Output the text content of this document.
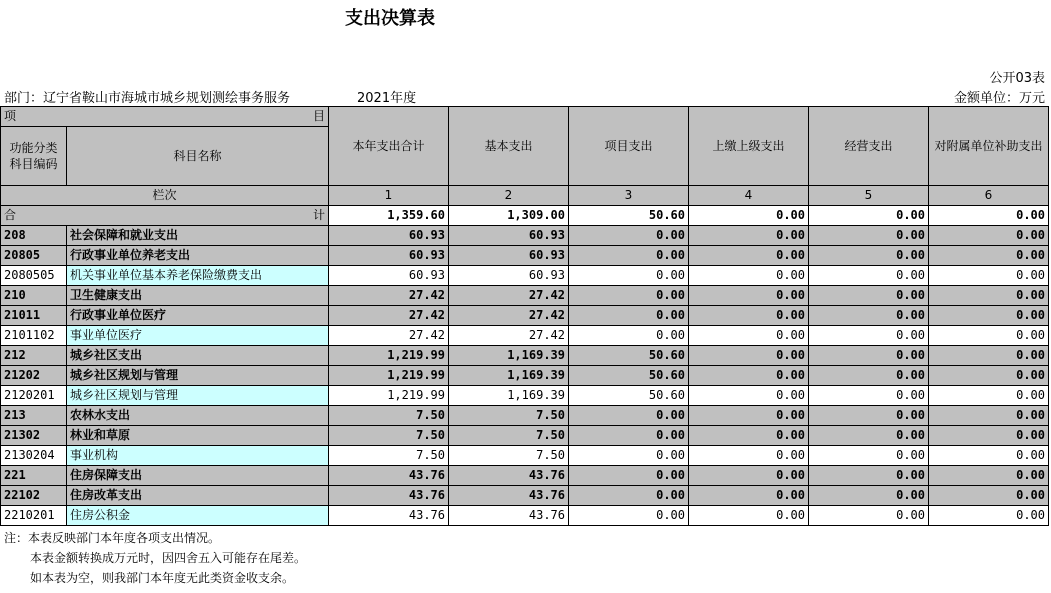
支出决算表
公开03表
部门：辽宁省鞍山市海城市城乡规划测绘事务服务	2021年度	金额单位：万元
项 目		本年支出合计	基本支出	项目支出	上缴上级支出	经营支出	对附属单位补助支出
功能分类科目编码	科目名称						
栏次		1	2	3	4	5	6
合 计		1,359.60	1,309.00	50.60	0.00	0.00	0.00
208	社会保障和就业支出	60.93	60.93	0.00	0.00	0.00	0.00
20805	行政事业单位养老支出	60.93	60.93	0.00	0.00	0.00	0.00
2080505	机关事业单位基本养老保险缴费支出	60.93	60.93	0.00	0.00	0.00	0.00
210	卫生健康支出	27.42	27.42	0.00	0.00	0.00	0.00
21011	行政事业单位医疗	27.42	27.42	0.00	0.00	0.00	0.00
2101102	事业单位医疗	27.42	27.42	0.00	0.00	0.00	0.00
212	城乡社区支出	1,219.99	1,169.39	50.60	0.00	0.00	0.00
21202	城乡社区规划与管理	1,219.99	1,169.39	50.60	0.00	0.00	0.00
2120201	城乡社区规划与管理	1,219.99	1,169.39	50.60	0.00	0.00	0.00
213	农林水支出	7.50	7.50	0.00	0.00	0.00	0.00
21302	林业和草原	7.50	7.50	0.00	0.00	0.00	0.00
2130204	事业机构	7.50	7.50	0.00	0.00	0.00	0.00
221	住房保障支出	43.76	43.76	0.00	0.00	0.00	0.00
22102	住房改革支出	43.76	43.76	0.00	0.00	0.00	0.00
2210201	住房公积金	43.76	43.76	0.00	0.00	0.00	0.00
注：本表反映部门本年度各项支出情况。
本表金额转换成万元时，因四舍五入可能存在尾差。
如本表为空，则我部门本年度无此类资金收支余。
